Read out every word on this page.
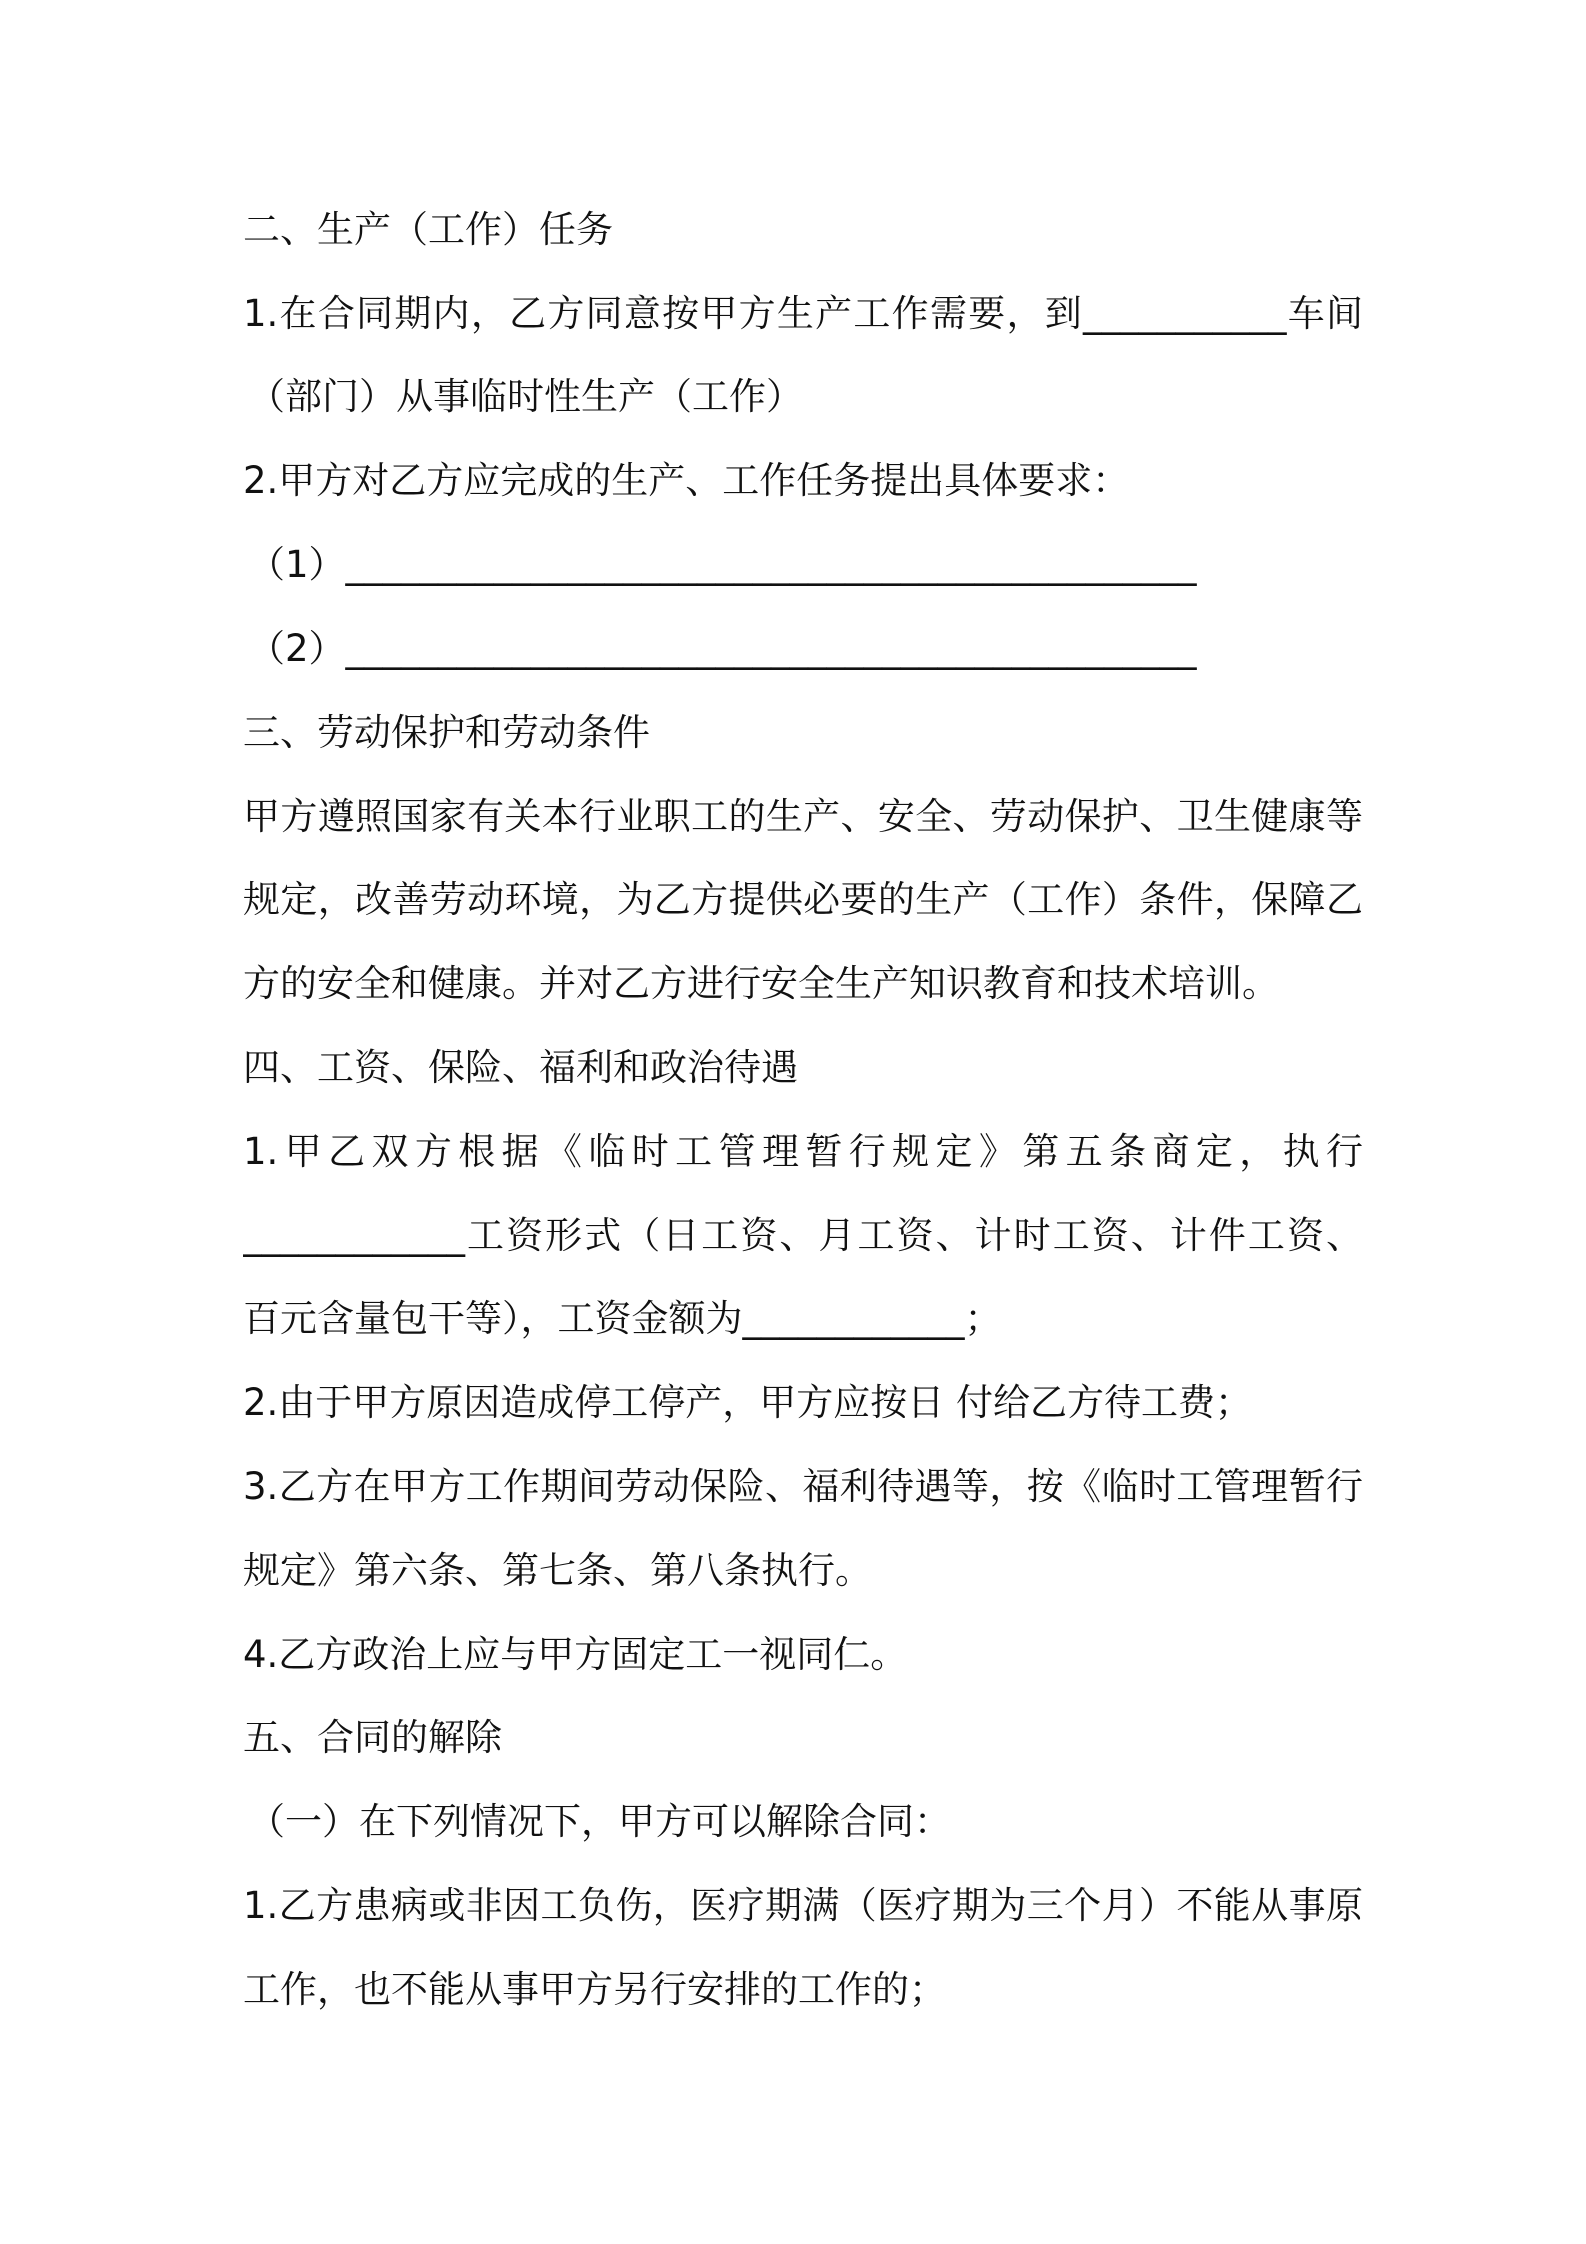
二、生产（工作）任务
1.在合同期内，乙方同意按甲方生产工作需要，到___________车间
（部门）从事临时性生产（工作）
2.甲方对乙方应完成的生产、工作任务提出具体要求：
（1）______________________________________________
（2）______________________________________________
三、劳动保护和劳动条件
甲方遵照国家有关本行业职工的生产、安全、劳动保护、卫生健康等
规定，改善劳动环境，为乙方提供必要的生产（工作）条件，保障乙
方的安全和健康。并对乙方进行安全生产知识教育和技术培训。
四、工资、保险、福利和政治待遇
1.甲乙双方根据《临时工管理暂行规定》第五条商定，执行
____________工资形式（日工资、月工资、计时工资、计件工资、
百元含量包干等），工资金额为____________；
2.由于甲方原因造成停工停产，甲方应按日 付给乙方待工费；
3.乙方在甲方工作期间劳动保险、福利待遇等，按《临时工管理暂行
规定》第六条、第七条、第八条执行。
4.乙方政治上应与甲方固定工一视同仁。
五、合同的解除
（一）在下列情况下，甲方可以解除合同：
1.乙方患病或非因工负伤，医疗期满（医疗期为三个月）不能从事原
工作，也不能从事甲方另行安排的工作的；
